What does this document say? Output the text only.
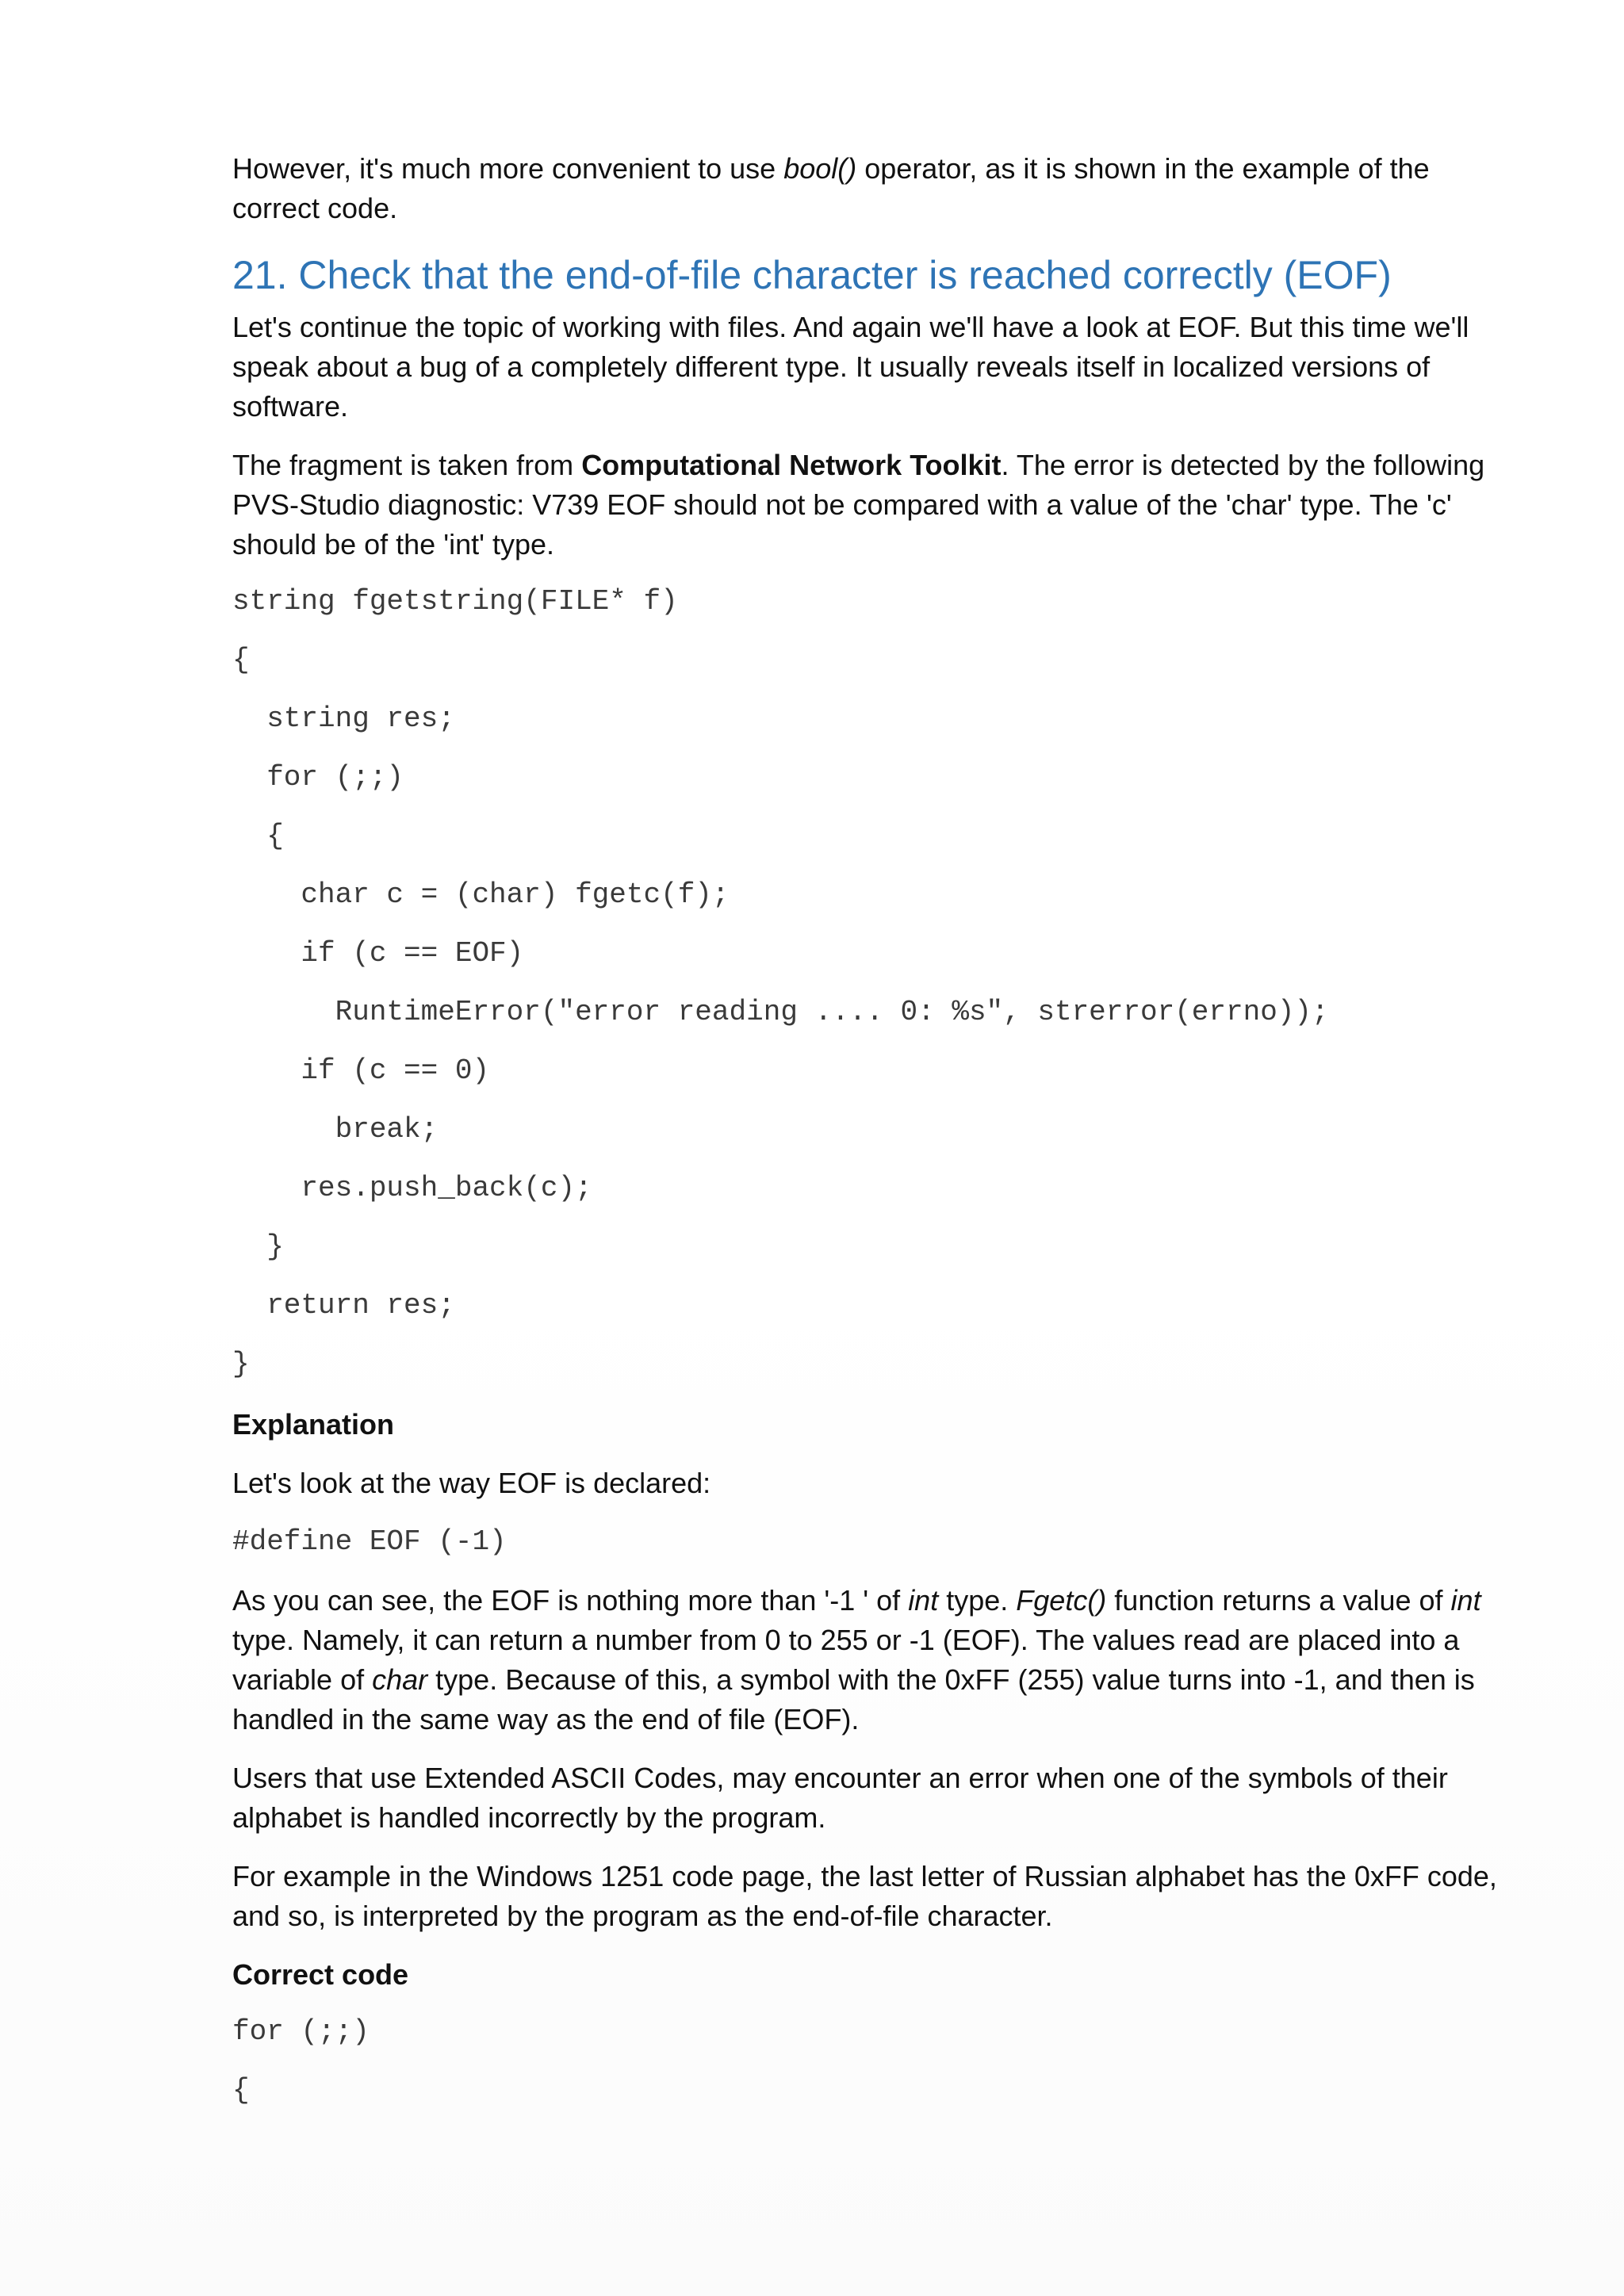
However, it's much more convenient to use bool() operator, as it is shown in the example of the correct code.

21. Check that the end-of-file character is reached correctly (EOF)

Let's continue the topic of working with files. And again we'll have a look at EOF. But this time we'll speak about a bug of a completely different type. It usually reveals itself in localized versions of software.

The fragment is taken from Computational Network Toolkit. The error is detected by the following PVS-Studio diagnostic: V739 EOF should not be compared with a value of the 'char' type. The 'c' should be of the 'int' type.

string fgetstring(FILE* f)
{
string res;
for (;;)
{
char c = (char) fgetc(f);
if (c == EOF)
RuntimeError("error reading .... 0: %s", strerror(errno));
if (c == 0)
break;
res.push_back(c);
}
return res;
}
Explanation

Let's look at the way EOF is declared:

#define EOF (-1)

As you can see, the EOF is nothing more than '-1 ' of int type. Fgetc() function returns a value of int type. Namely, it can return a number from 0 to 255 or -1 (EOF). The values read are placed into a variable of char type. Because of this, a symbol with the 0xFF (255) value turns into -1, and then is handled in the same way as the end of file (EOF).

Users that use Extended ASCII Codes, may encounter an error when one of the symbols of their alphabet is handled incorrectly by the program.

For example in the Windows 1251 code page, the last letter of Russian alphabet has the 0xFF code, and so, is interpreted by the program as the end-of-file character.

Correct code
for (;;)
{
